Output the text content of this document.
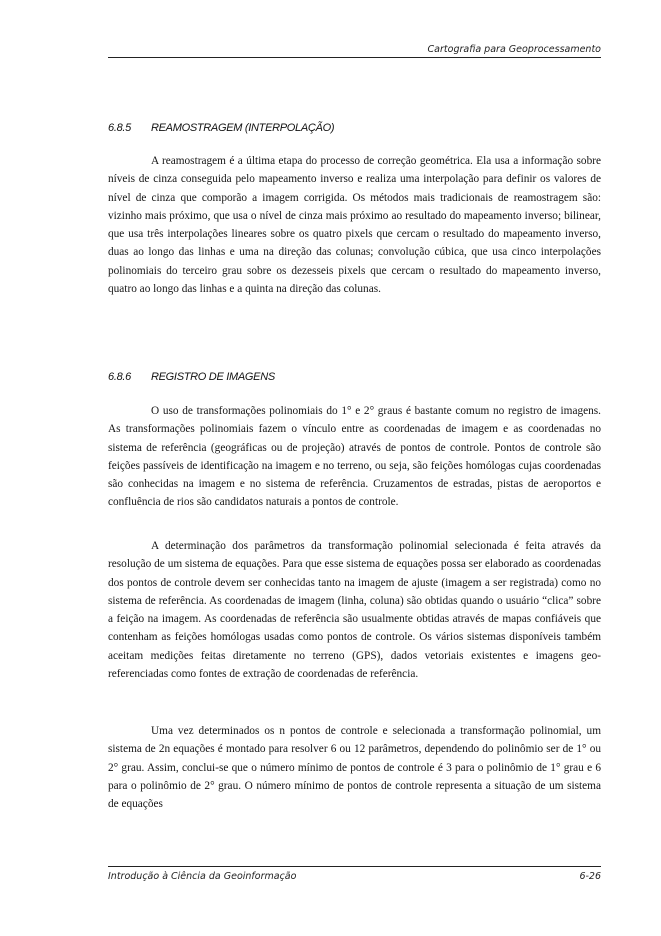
Cartografia para Geoprocessamento
6.8.5 REAMOSTRAGEM (INTERPOLAÇÃO)

A reamostragem é a última etapa do processo de correção geométrica. Ela usa a informação sobre níveis de cinza conseguida pelo mapeamento inverso e realiza uma interpolação para definir os valores de nível de cinza que comporão a imagem corrigida. Os métodos mais tradicionais de reamostragem são: vizinho mais próximo, que usa o nível de cinza mais próximo ao resultado do mapeamento inverso; bilinear, que usa três interpolações lineares sobre os quatro pixels que cercam o resultado do mapeamento inverso, duas ao longo das linhas e uma na direção das colunas; convolução cúbica, que usa cinco interpolações polinomiais do terceiro grau sobre os dezesseis pixels que cercam o resultado do mapeamento inverso, quatro ao longo das linhas e a quinta na direção das colunas.

6.8.6 REGISTRO DE IMAGENS

O uso de transformações polinomiais do 1° e 2° graus é bastante comum no registro de imagens. As transformações polinomiais fazem o vínculo entre as coordenadas de imagem e as coordenadas no sistema de referência (geográficas ou de projeção) através de pontos de controle. Pontos de controle são feições passíveis de identificação na imagem e no terreno, ou seja, são feições homólogas cujas coordenadas são conhecidas na imagem e no sistema de referência. Cruzamentos de estradas, pistas de aeroportos e confluência de rios são candidatos naturais a pontos de controle.

A determinação dos parâmetros da transformação polinomial selecionada é feita através da resolução de um sistema de equações. Para que esse sistema de equações possa ser elaborado as coordenadas dos pontos de controle devem ser conhecidas tanto na imagem de ajuste (imagem a ser registrada) como no sistema de referência. As coordenadas de imagem (linha, coluna) são obtidas quando o usuário “clica” sobre a feição na imagem. As coordenadas de referência são usualmente obtidas através de mapas confiáveis que contenham as feições homólogas usadas como pontos de controle. Os vários sistemas disponíveis também aceitam medições feitas diretamente no terreno (GPS), dados vetoriais existentes e imagens geo-referenciadas como fontes de extração de coordenadas de referência.

Uma vez determinados os n pontos de controle e selecionada a transformação polinomial, um sistema de 2n equações é montado para resolver 6 ou 12 parâmetros, dependendo do polinômio ser de 1° ou 2° grau. Assim, conclui-se que o número mínimo de pontos de controle é 3 para o polinômio de 1° grau e 6 para o polinômio de 2° grau. O número mínimo de pontos de controle representa a situação de um sistema de equações

Introdução à Ciência da Geoinformação	6-26
